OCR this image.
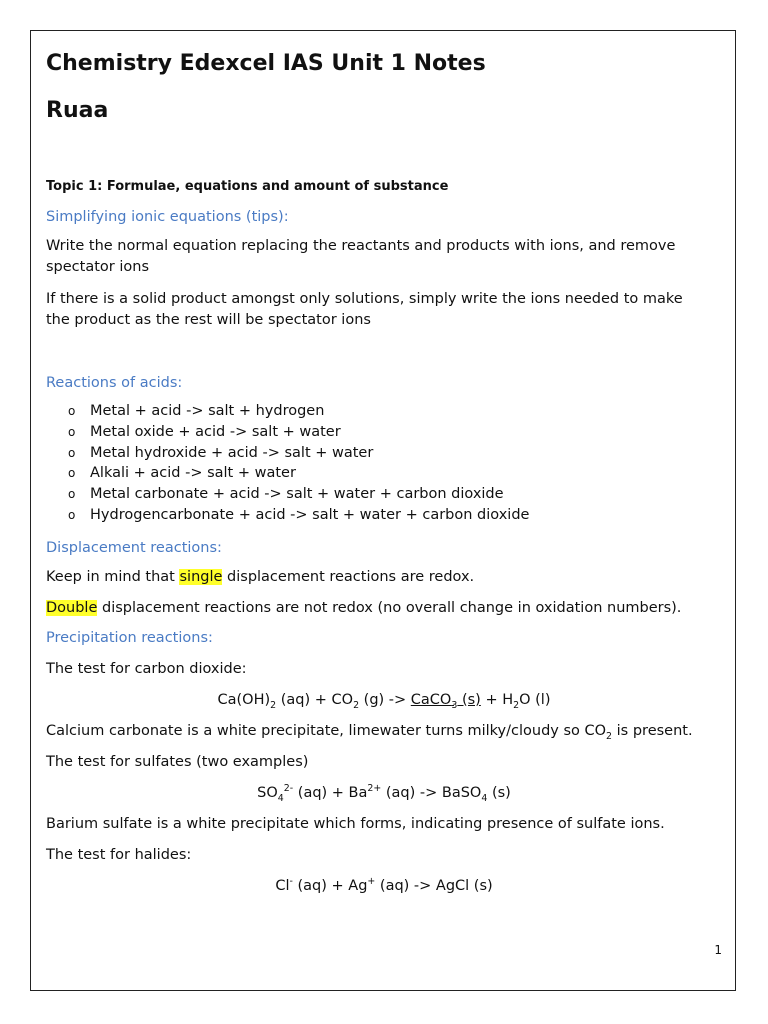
Chemistry Edexcel IAS Unit 1 Notes
Ruaa
Topic 1: Formulae, equations and amount of substance
Simplifying ionic equations (tips):
Write the normal equation replacing the reactants and products with ions, and remove spectator ions
If there is a solid product amongst only solutions, simply write the ions needed to make the product as the rest will be spectator ions
Reactions of acids:
o Metal + acid -> salt + hydrogen
o Metal oxide + acid -> salt + water
o Metal hydroxide + acid -> salt + water
o Alkali + acid -> salt + water
o Metal carbonate + acid -> salt + water + carbon dioxide
o Hydrogencarbonate + acid -> salt + water + carbon dioxide
Displacement reactions:
Keep in mind that single displacement reactions are redox.
Double displacement reactions are not redox (no overall change in oxidation numbers).
Precipitation reactions:
The test for carbon dioxide:
$Ca(OH)_2$ $(aq) + CO_2$ (g) -> CaCO$_3$ $(s) + H_2O$ (l)
Calcium carbonate is a white precipitate, limewater turns milky/cloudy so $CO_2$ is present.
The test for sulfates (two examples)
$SO_4^{2-}$ $(aq) + Ba^{2+}$ (aq) -> BaSO$_4$ (s)
Barium sulfate is a white precipitate which forms, indicating presence of sulfate ions.
The test for halides:
Cl- (aq) + Ag+ (aq) -> AgCl (s)
1
